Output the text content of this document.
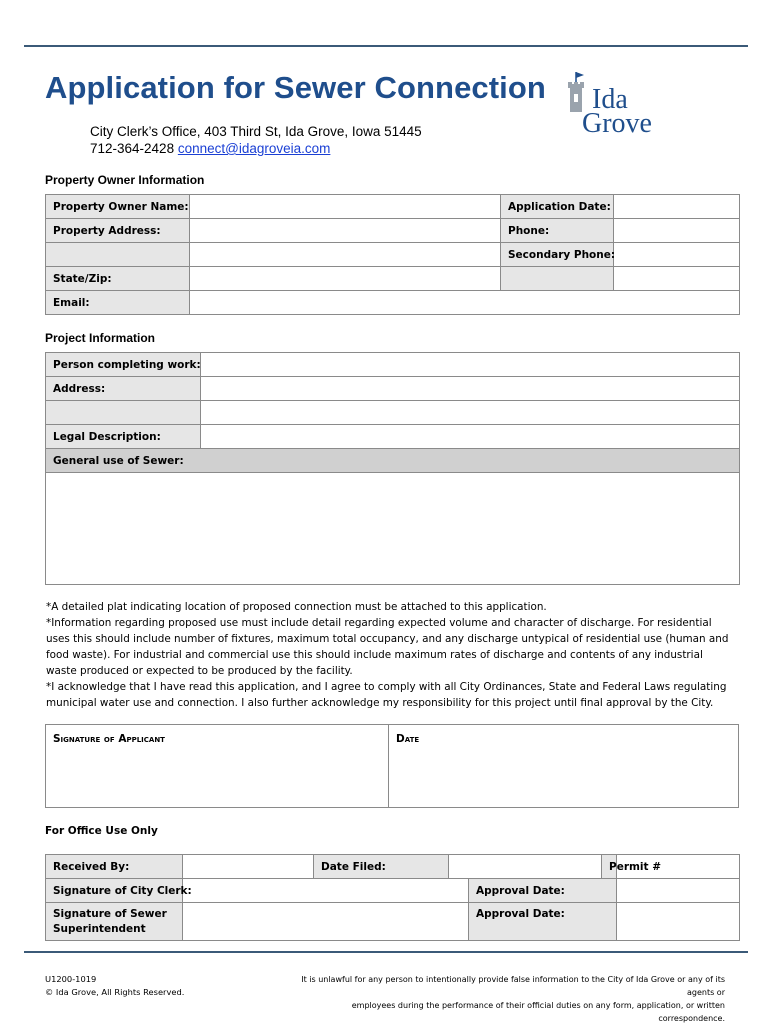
Application for Sewer Connection
City Clerk’s Office, 403 Third St, Ida Grove, Iowa 51445
712-364-2428 connect@idagroveia.com
Ida
Grove
Property Owner Information
Property Owner Name:		Application Date:	
Property Address:		Phone:	
		Secondary Phone:	
State/Zip:			
Email:			
Project Information
Person completing work:	
Address:	

Legal Description:	
General use of Sewer:	

*A detailed plat indicating location of proposed connection must be attached to this application.

*Information regarding proposed use must include detail regarding expected volume and character of discharge. For residential uses this should include number of fixtures, maximum total occupancy, and any discharge untypical of residential use (human and food waste). For industrial and commercial use this should include maximum rates of discharge and contents of any industrial waste produced or expected to be produced by the facility.

*I acknowledge that I have read this application, and I agree to comply with all City Ordinances, State and Federal Laws regulating municipal water use and connection. I also further acknowledge my responsibility for this project until final approval by the City.

Signature of Applicant	Date
For Office Use Only
Received By:		Date Filed:			Permit #	
Signature of City Clerk:				Approval Date:		

Signature of Sewer
Superintendent				Approval Date:		
U1200-1019
© Ida Grove, All Rights Reserved.
It is unlawful for any person to intentionally provide false information to the City of Ida Grove or any of its agents or
employees during the performance of their official duties on any form, application, or written correspondence.
